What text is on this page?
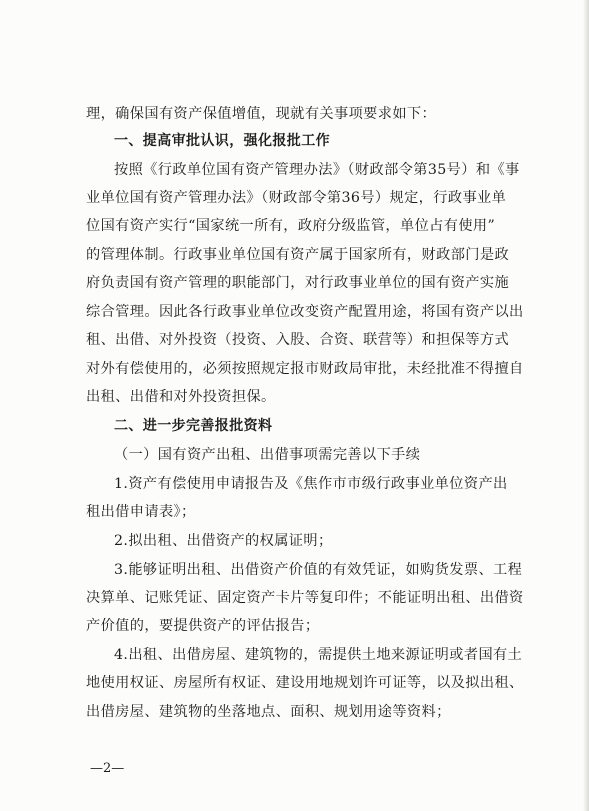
理，确保国有资产保值增值，现就有关事项要求如下：
一、提高审批认识，强化报批工作
按照《行政单位国有资产管理办法》（财政部令第35号）和《事
业单位国有资产管理办法》（财政部令第36号）规定，行政事业单
位国有资产实行“国家统一所有，政府分级监管，单位占有使用”
的管理体制。行政事业单位国有资产属于国家所有，财政部门是政
府负责国有资产管理的职能部门，对行政事业单位的国有资产实施
综合管理。因此各行政事业单位改变资产配置用途，将国有资产以出
租、出借、对外投资（投资、入股、合资、联营等）和担保等方式
对外有偿使用的，必须按照规定报市财政局审批，未经批准不得擅自
出租、出借和对外投资担保。
二、进一步完善报批资料
（一）国有资产出租、出借事项需完善以下手续
1.资产有偿使用申请报告及《焦作市市级行政事业单位资产出
租出借申请表》；
2.拟出租、出借资产的权属证明；
3.能够证明出租、出借资产价值的有效凭证，如购货发票、工程
决算单、记账凭证、固定资产卡片等复印件；不能证明出租、出借资
产价值的，要提供资产的评估报告；
4.出租、出借房屋、建筑物的，需提供土地来源证明或者国有土
地使用权证、房屋所有权证、建设用地规划许可证等，以及拟出租、
出借房屋、建筑物的坐落地点、面积、规划用途等资料；
—2—
